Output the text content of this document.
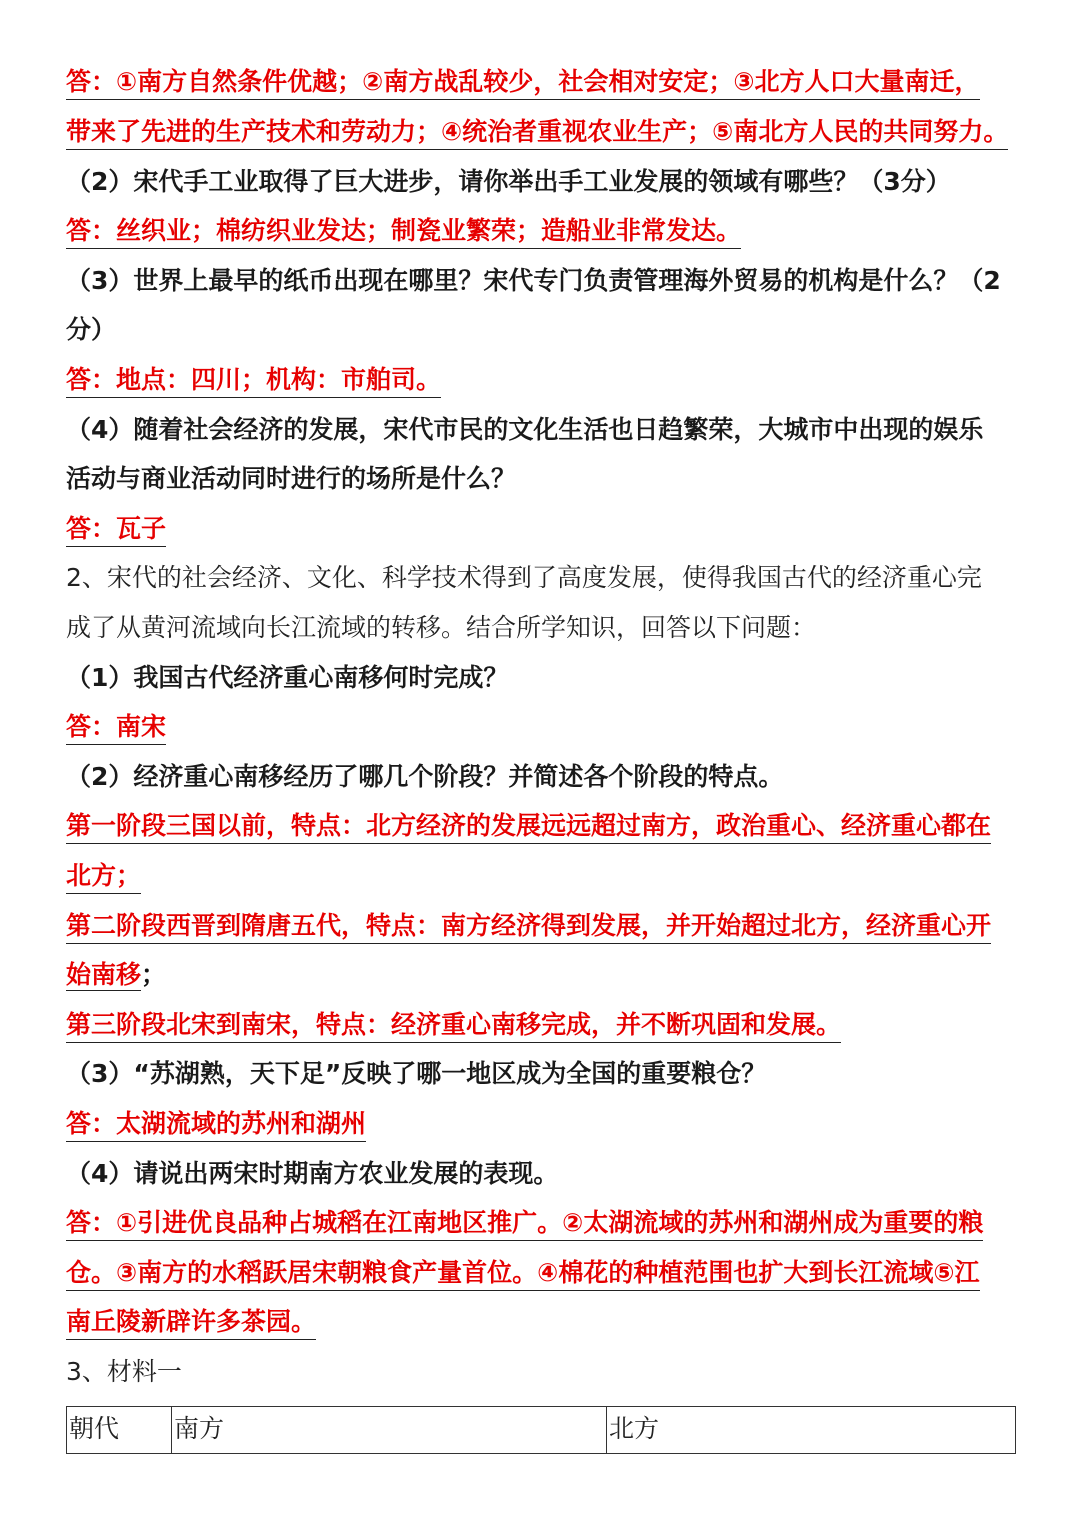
答：①南方自然条件优越；②南方战乱较少，社会相对安定；③北方人口大量南迁，
带来了先进的生产技术和劳动力；④统治者重视农业生产；⑤南北方人民的共同努力。
（2）宋代手工业取得了巨大进步，请你举出手工业发展的领域有哪些？（3分）
答：丝织业；棉纺织业发达；制瓷业繁荣；造船业非常发达。
（3）世界上最早的纸币出现在哪里？宋代专门负责管理海外贸易的机构是什么？（2
分）
答：地点：四川；机构：市舶司。
（4）随着社会经济的发展，宋代市民的文化生活也日趋繁荣，大城市中出现的娱乐
活动与商业活动同时进行的场所是什么？
答：瓦子
2、宋代的社会经济、文化、科学技术得到了高度发展，使得我国古代的经济重心完
成了从黄河流域向长江流域的转移。结合所学知识，回答以下问题：
（1）我国古代经济重心南移何时完成？
答：南宋
（2）经济重心南移经历了哪几个阶段？并简述各个阶段的特点。
第一阶段三国以前，特点：北方经济的发展远远超过南方，政治重心、经济重心都在
北方；
第二阶段西晋到隋唐五代，特点：南方经济得到发展，并开始超过北方，经济重心开
始南移；
第三阶段北宋到南宋，特点：经济重心南移完成，并不断巩固和发展。
（3）“苏湖熟，天下足”反映了哪一地区成为全国的重要粮仓？
答：太湖流域的苏州和湖州
（4）请说出两宋时期南方农业发展的表现。
答：①引进优良品种占城稻在江南地区推广。②太湖流域的苏州和湖州成为重要的粮
仓。③南方的水稻跃居宋朝粮食产量首位。④棉花的种植范围也扩大到长江流域⑤江
南丘陵新辟许多茶园。
3、材料一
朝代	南方	北方
